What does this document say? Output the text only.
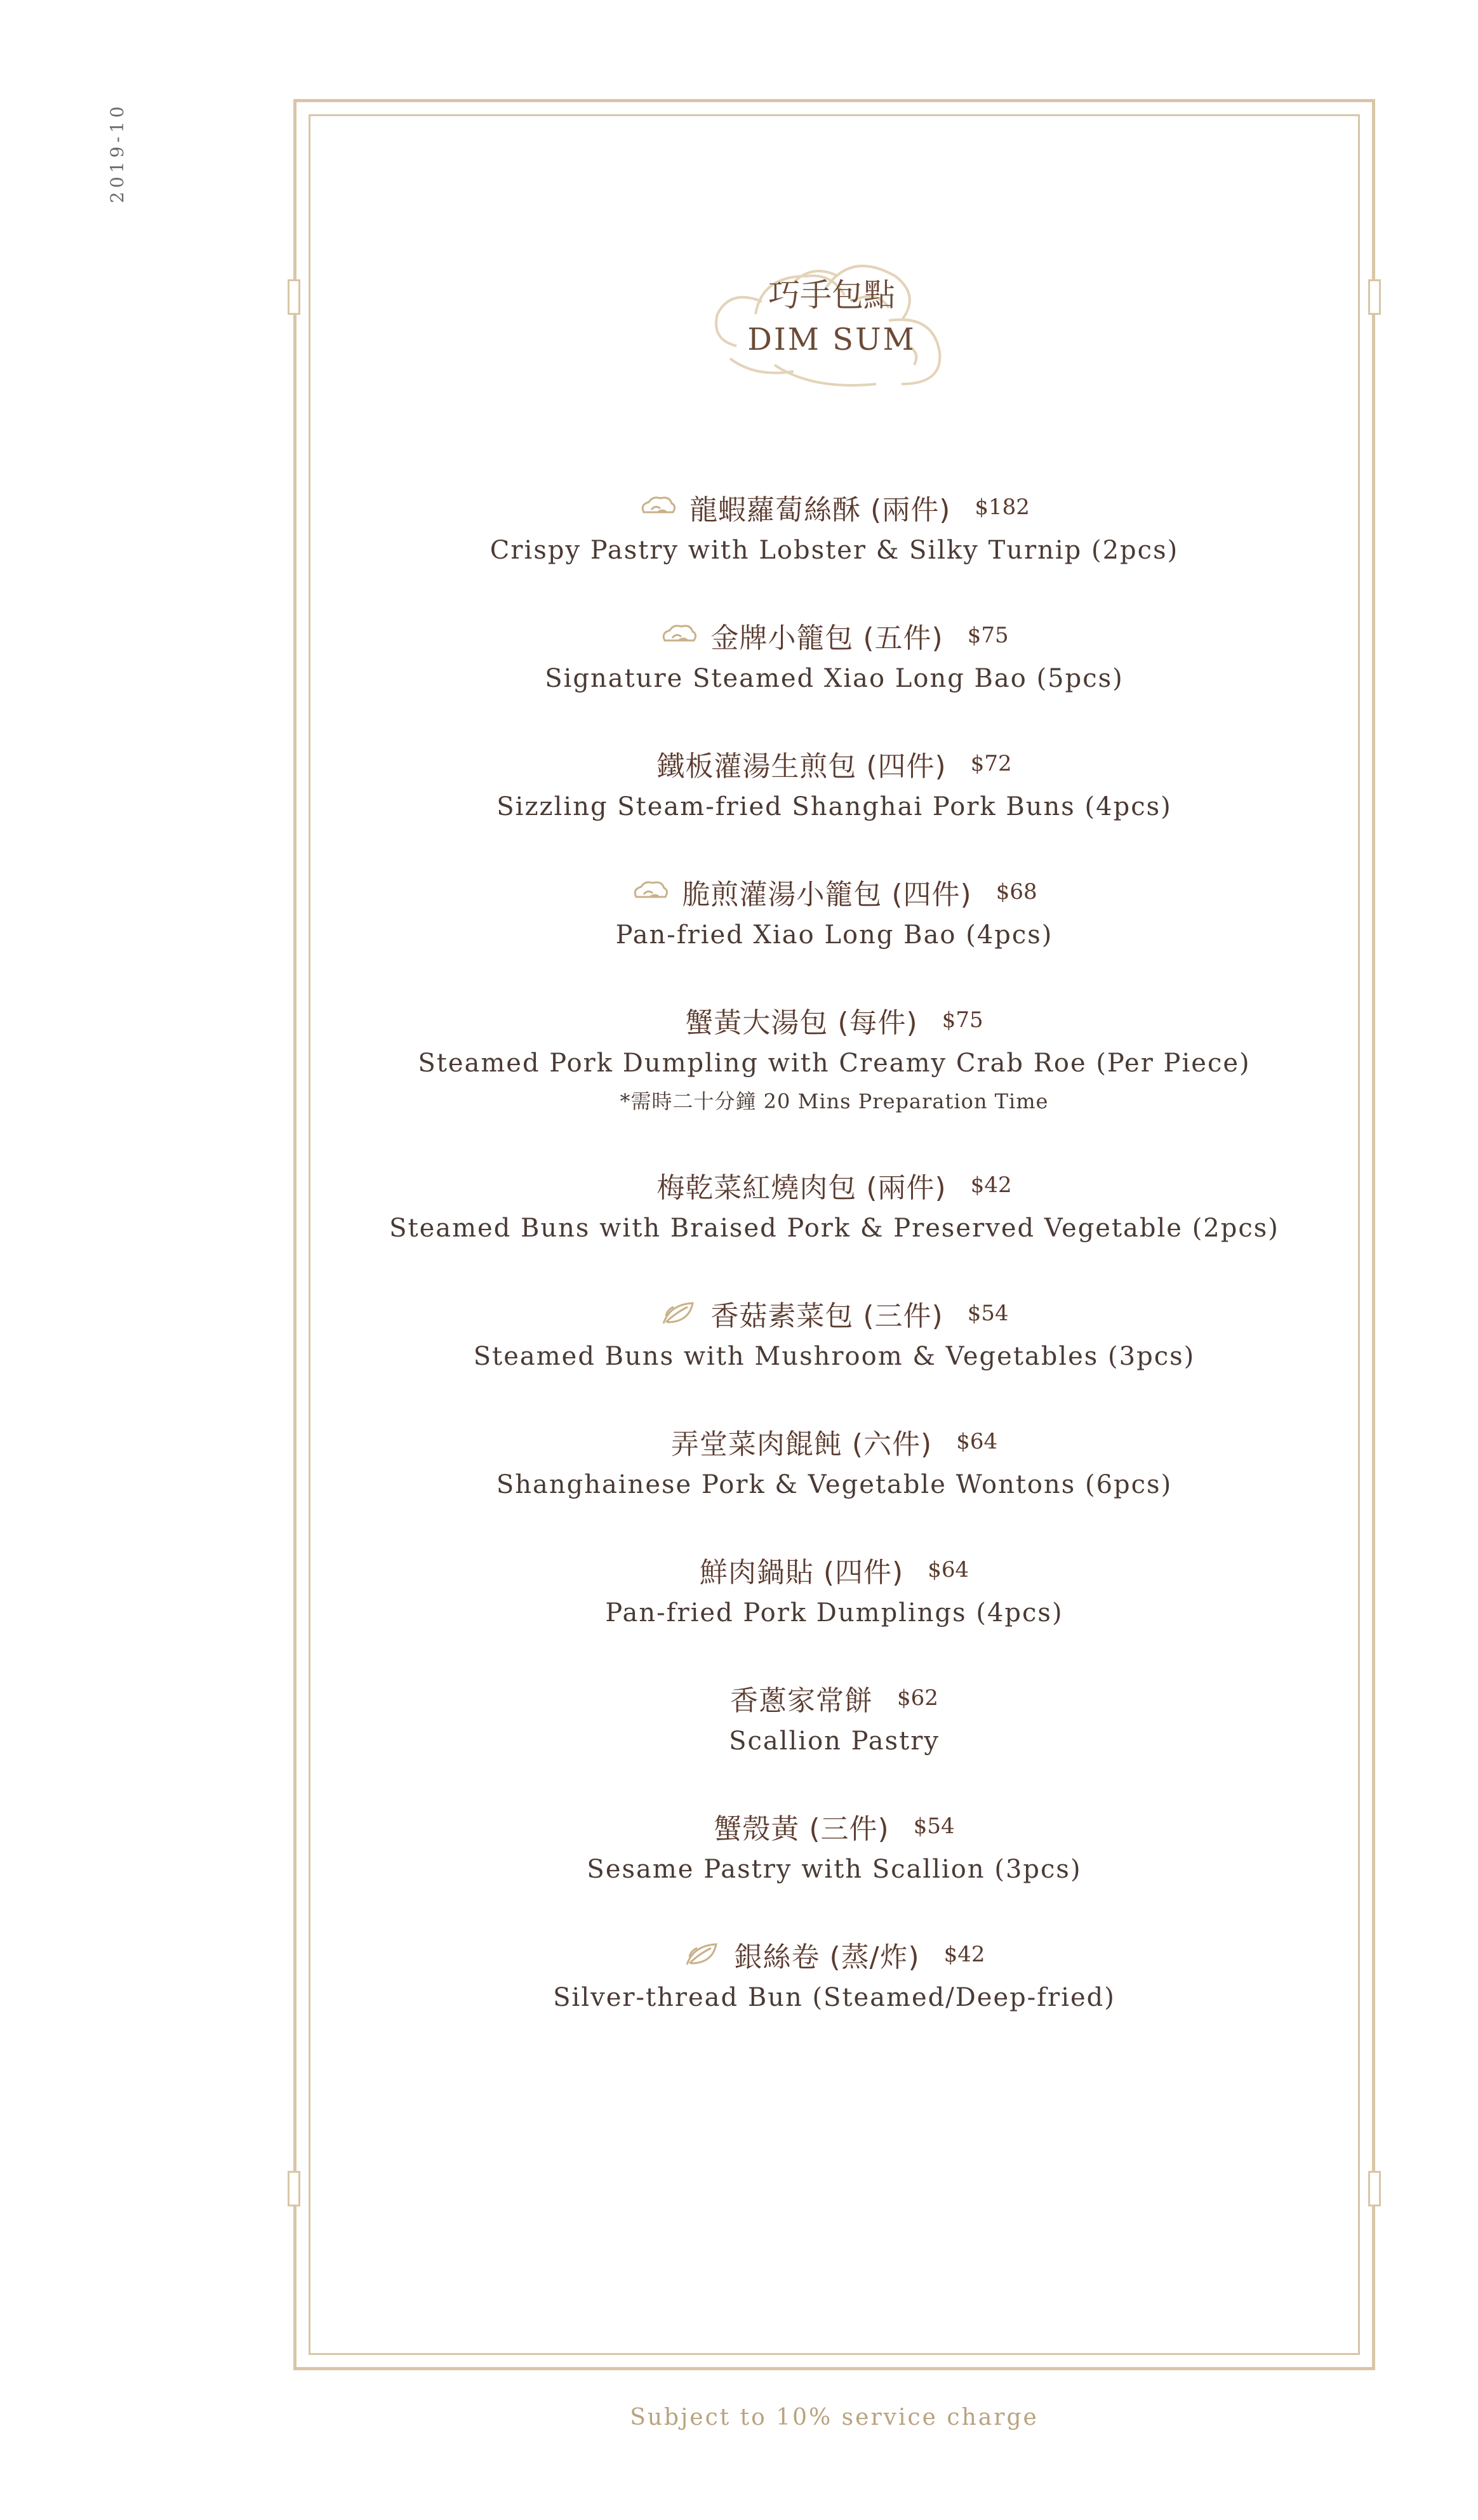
2019-10
巧手包點
DIM SUM
龍蝦蘿蔔絲酥 (兩件) $182
Crispy Pastry with Lobster & Silky Turnip (2pcs)
金牌小籠包 (五件) $75
Signature Steamed Xiao Long Bao (5pcs)
鐵板灌湯生煎包 (四件) $72
Sizzling Steam-fried Shanghai Pork Buns (4pcs)
脆煎灌湯小籠包 (四件) $68
Pan-fried Xiao Long Bao (4pcs)
蟹黃大湯包 (每件) $75
Steamed Pork Dumpling with Creamy Crab Roe (Per Piece)
*需時二十分鐘 20 Mins Preparation Time
梅乾菜紅燒肉包 (兩件) $42
Steamed Buns with Braised Pork & Preserved Vegetable (2pcs)
香菇素菜包 (三件) $54
Steamed Buns with Mushroom & Vegetables (3pcs)
弄堂菜肉餛飩 (六件) $64
Shanghainese Pork & Vegetable Wontons (6pcs)
鮮肉鍋貼 (四件) $64
Pan-fried Pork Dumplings (4pcs)
香蔥家常餅 $62
Scallion Pastry
蟹殼黃 (三件) $54
Sesame Pastry with Scallion (3pcs)
銀絲卷 (蒸/炸) $42
Silver-thread Bun (Steamed/Deep-fried)
Subject to 10% service charge
